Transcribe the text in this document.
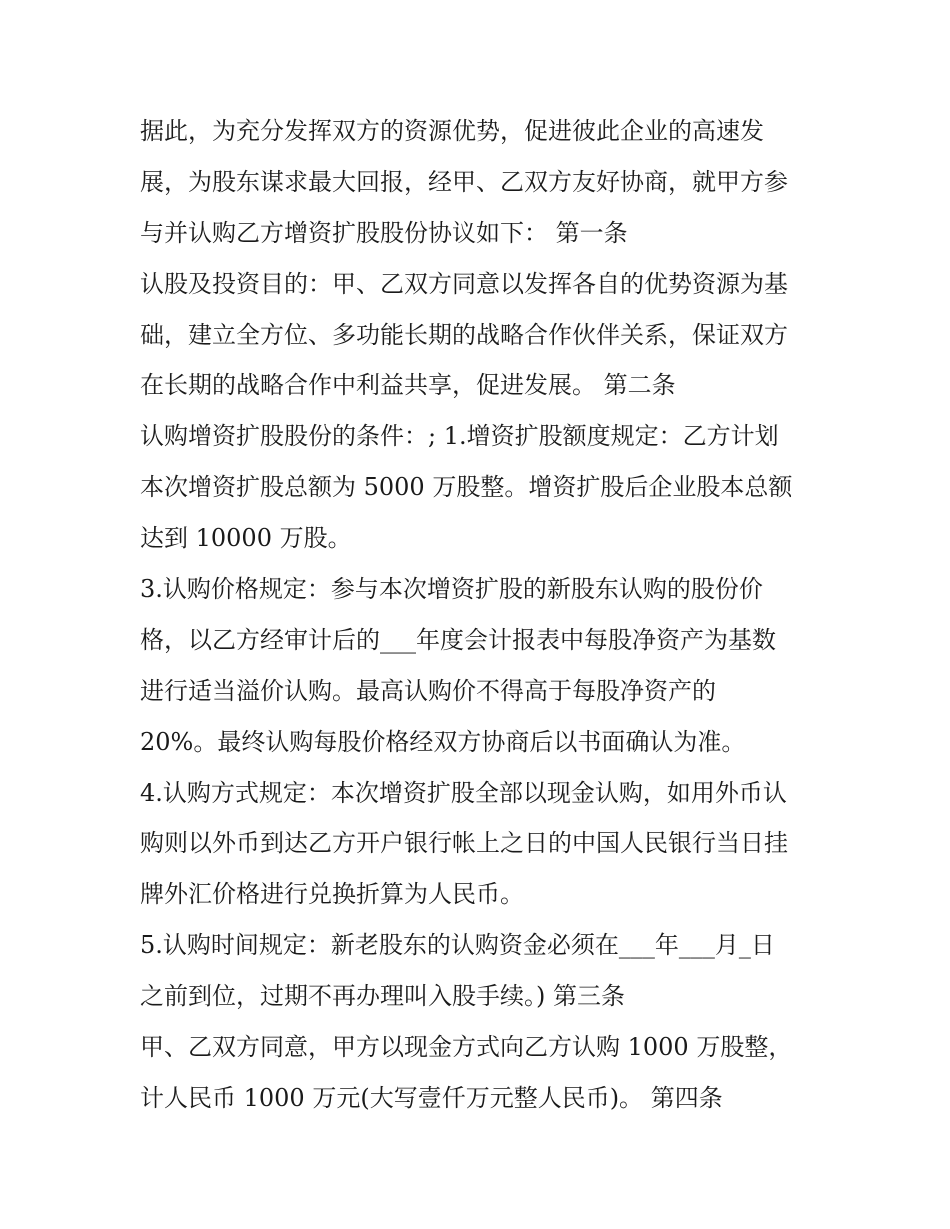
据此，为充分发挥双方的资源优势，促进彼此企业的高速发
展，为股东谋求最大回报，经甲、乙双方友好协商，就甲方参
与并认购乙方增资扩股股份协议如下： 第一条
认股及投资目的：甲、乙双方同意以发挥各自的优势资源为基
础，建立全方位、多功能长期的战略合作伙伴关系，保证双方
在长期的战略合作中利益共享，促进发展。 第二条
认购增资扩股股份的条件：; 1.增资扩股额度规定：乙方计划
本次增资扩股总额为 5000 万股整。增资扩股后企业股本总额
达到 10000 万股。
3.认购价格规定：参与本次增资扩股的新股东认购的股份价
格，以乙方经审计后的___年度会计报表中每股净资产为基数
进行适当溢价认购。最高认购价不得高于每股净资产的
20%。最终认购每股价格经双方协商后以书面确认为准。
4.认购方式规定：本次增资扩股全部以现金认购，如用外币认
购则以外币到达乙方开户银行帐上之日的中国人民银行当日挂
牌外汇价格进行兑换折算为人民币。
5.认购时间规定：新老股东的认购资金必须在___年___月_日
之前到位，过期不再办理叫入股手续。) 第三条
甲、乙双方同意，甲方以现金方式向乙方认购 1000 万股整，
计人民币 1000 万元(大写壹仟万元整人民币)。 第四条
